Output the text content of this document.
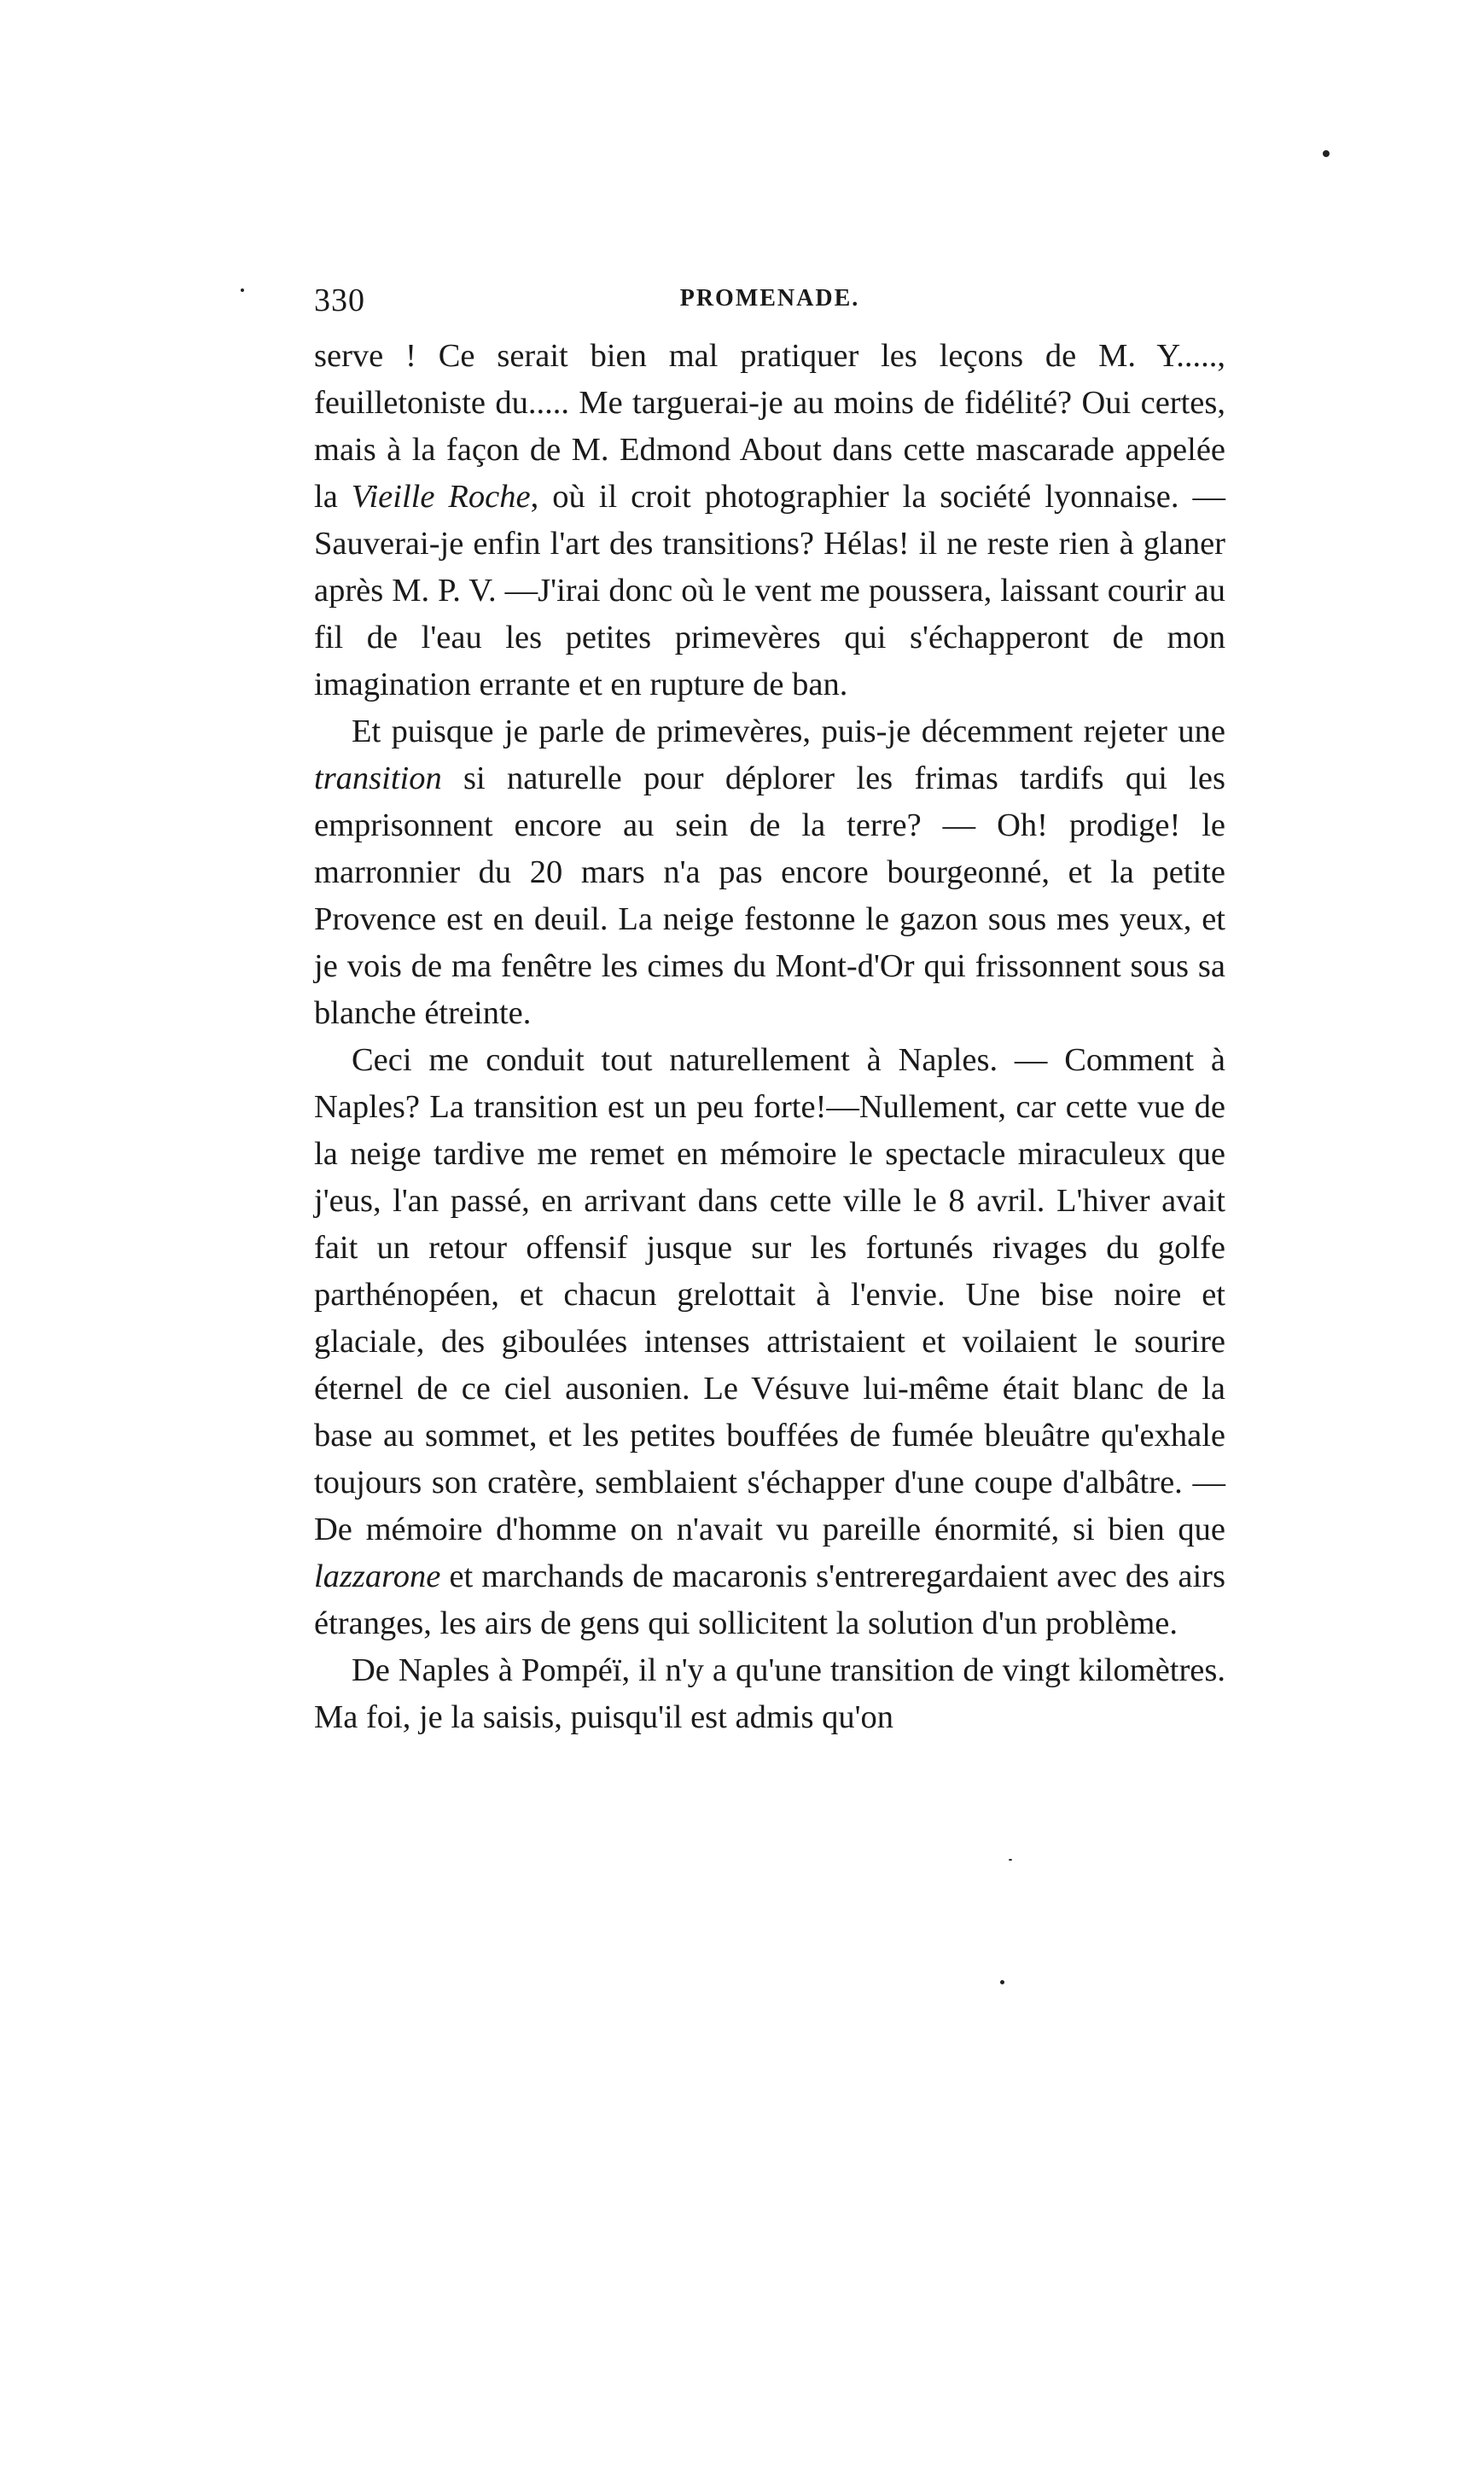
330	PROMENADE.

serve ! Ce serait bien mal pratiquer les leçons de M. Y....., feuilletoniste du..... Me targuerai-je au moins de fidélité? Oui certes, mais à la façon de M. Edmond About dans cette mascarade appelée la Vieille Roche, où il croit photographier la société lyonnaise. — Sauverai-je enfin l'art des transitions? Hélas! il ne reste rien à glaner après M. P. V. —J'irai donc où le vent me poussera, laissant courir au fil de l'eau les petites primevères qui s'échapperont de mon imagination errante et en rupture de ban.

Et puisque je parle de primevères, puis-je décemment rejeter une transition si naturelle pour déplorer les frimas tardifs qui les emprisonnent encore au sein de la terre? — Oh! prodige! le marronnier du 20 mars n'a pas encore bourgeonné, et la petite Provence est en deuil. La neige festonne le gazon sous mes yeux, et je vois de ma fenêtre les cimes du Mont-d'Or qui frissonnent sous sa blanche étreinte.

Ceci me conduit tout naturellement à Naples. — Comment à Naples? La transition est un peu forte!—Nullement, car cette vue de la neige tardive me remet en mémoire le spectacle miraculeux que j'eus, l'an passé, en arrivant dans cette ville le 8 avril. L'hiver avait fait un retour offensif jusque sur les fortunés rivages du golfe parthénopéen, et chacun grelottait à l'envie. Une bise noire et glaciale, des giboulées intenses attristaient et voilaient le sourire éternel de ce ciel ausonien. Le Vésuve lui-même était blanc de la base au sommet, et les petites bouffées de fumée bleuâtre qu'exhale toujours son cratère, semblaient s'échapper d'une coupe d'albâtre. — De mémoire d'homme on n'avait vu pareille énormité, si bien que lazzarone et marchands de macaronis s'entreregardaient avec des airs étranges, les airs de gens qui sollicitent la solution d'un problème.

De Naples à Pompéï, il n'y a qu'une transition de vingt kilomètres. Ma foi, je la saisis, puisqu'il est admis qu'on
